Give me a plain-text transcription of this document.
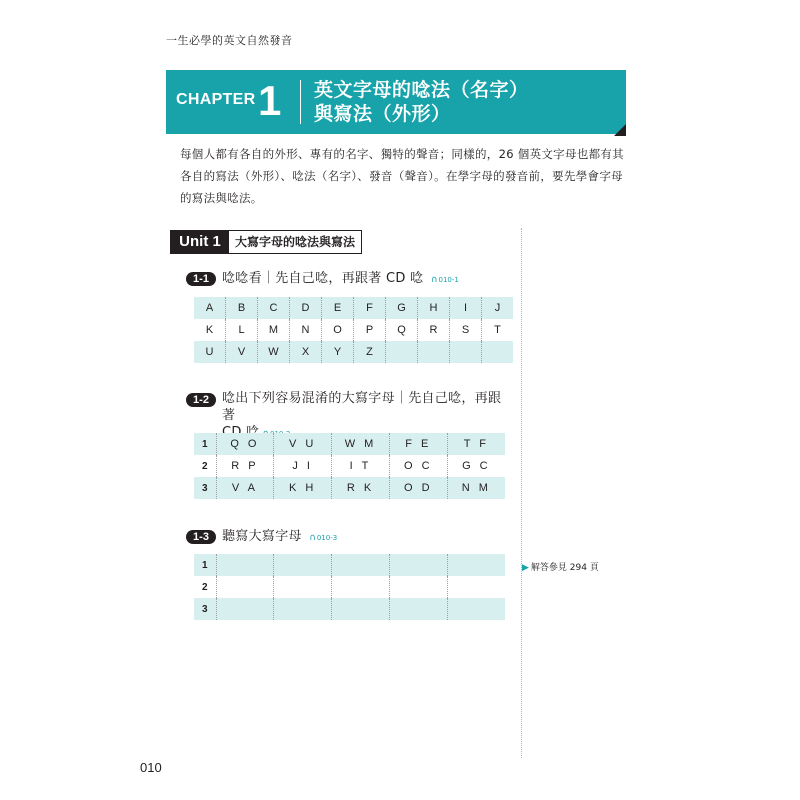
一生必學的英文自然發音
CHAPTER 1 英文字母的唸法（名字）
與寫法（外形）
每個人都有各自的外形、專有的名字、獨特的聲音；同樣的，26 個英文字母也都有其各自的寫法（外形）、唸法（名字）、發音（聲音）。在學字母的發音前，要先學會字母的寫法與唸法。
Unit 1	大寫字母的唸法與寫法
1-1	唸唸看｜先自己唸，再跟著 CD 唸 ∩010-1
A	B	C	D	E	F	G	H	I	J
K	L	M	N	O	P	Q	R	S	T
U	V	W	X	Y	Z				
1-2	唸出下列容易混淆的大寫字母｜先自己唸，再跟著
1	Q O	V U	W M	F E	T F
2	R P	J I	I T	O C	G C
3	V A	K H	R K	O D	N M
1-3	聽寫大寫字母 ∩010-3
1					
2					
3					
▶ 解答參見 294 頁
010
